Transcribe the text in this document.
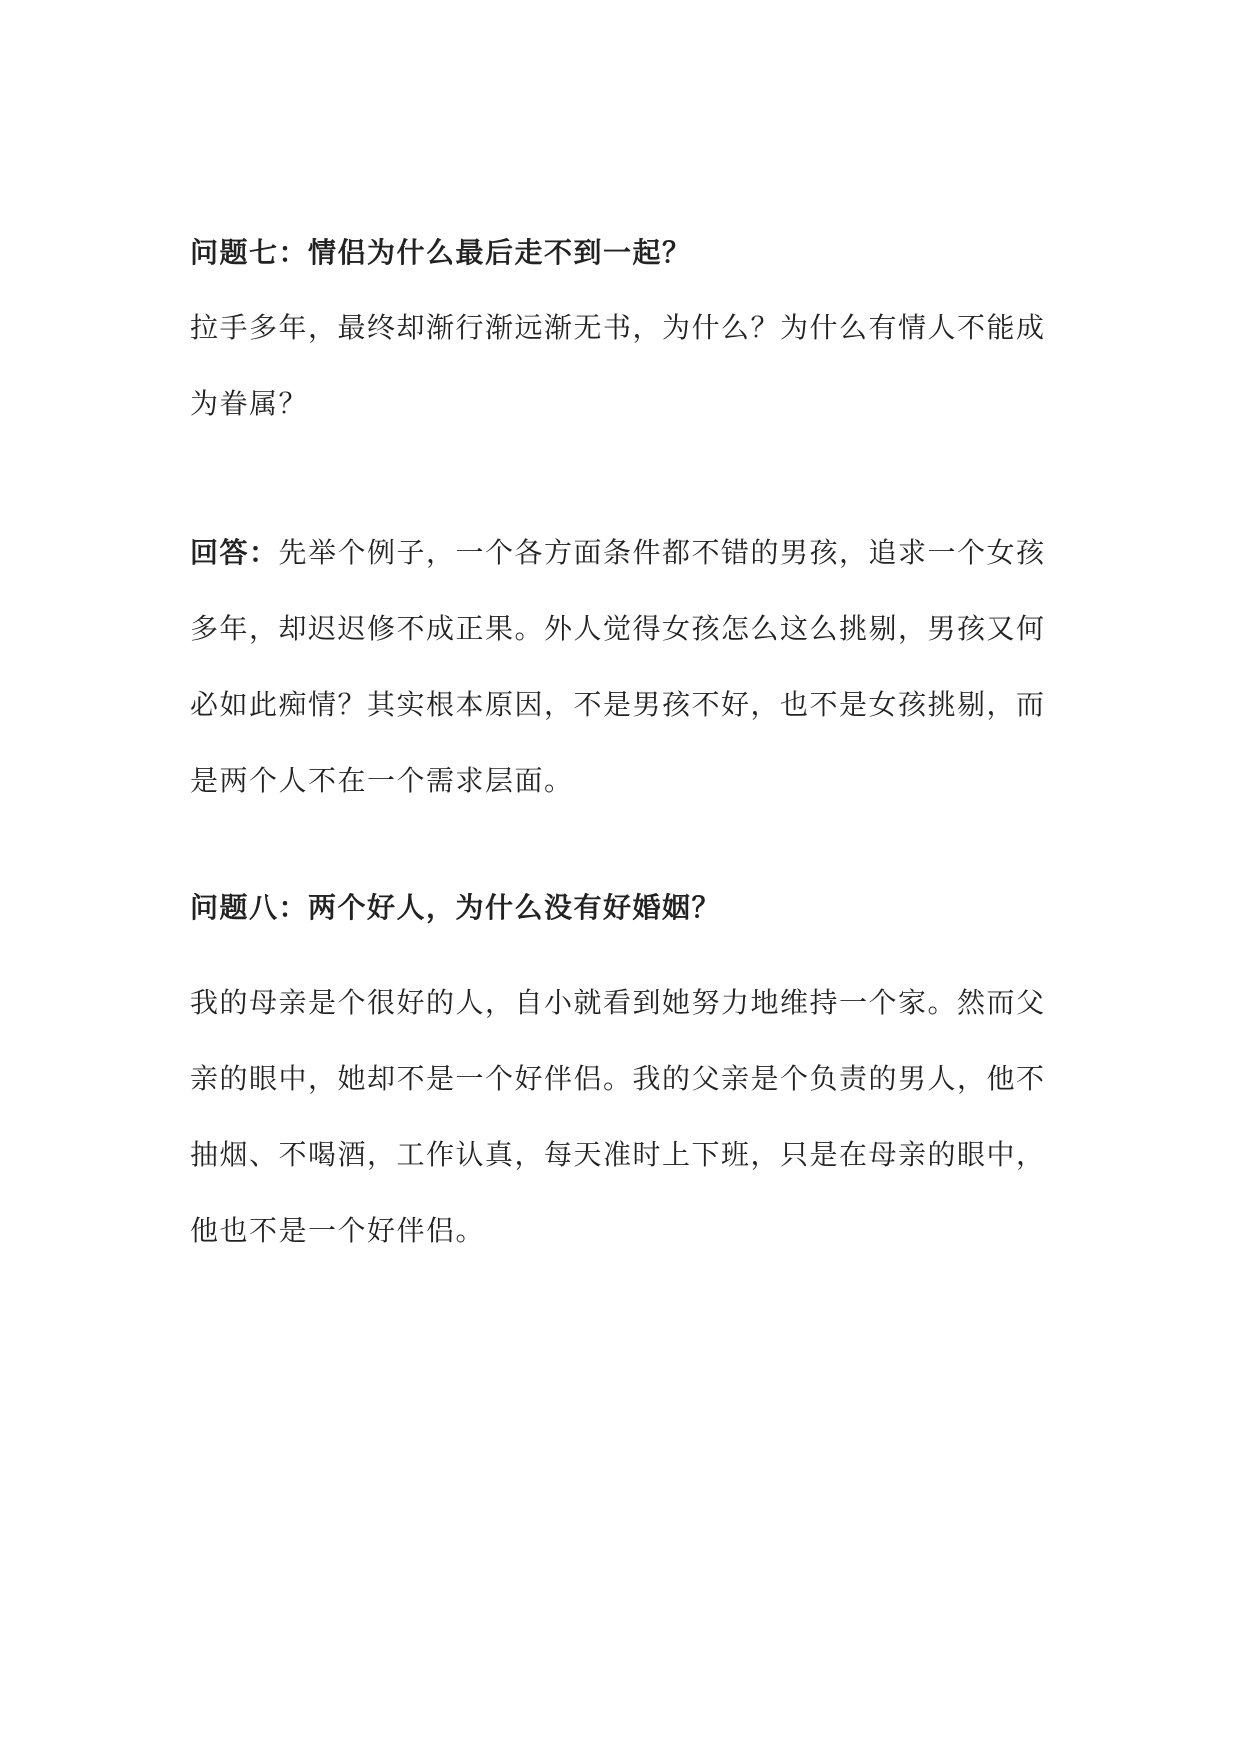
问题七：情侣为什么最后走不到一起？
拉手多年，最终却渐行渐远渐无书，为什么？为什么有情人不能成
为眷属？
回答：先举个例子，一个各方面条件都不错的男孩，追求一个女孩
多年，却迟迟修不成正果。外人觉得女孩怎么这么挑剔，男孩又何
必如此痴情？其实根本原因，不是男孩不好，也不是女孩挑剔，而
是两个人不在一个需求层面。
问题八：两个好人，为什么没有好婚姻？
我的母亲是个很好的人，自小就看到她努力地维持一个家。然而父
亲的眼中，她却不是一个好伴侣。我的父亲是个负责的男人，他不
抽烟、不喝酒，工作认真，每天准时上下班，只是在母亲的眼中，
他也不是一个好伴侣。
